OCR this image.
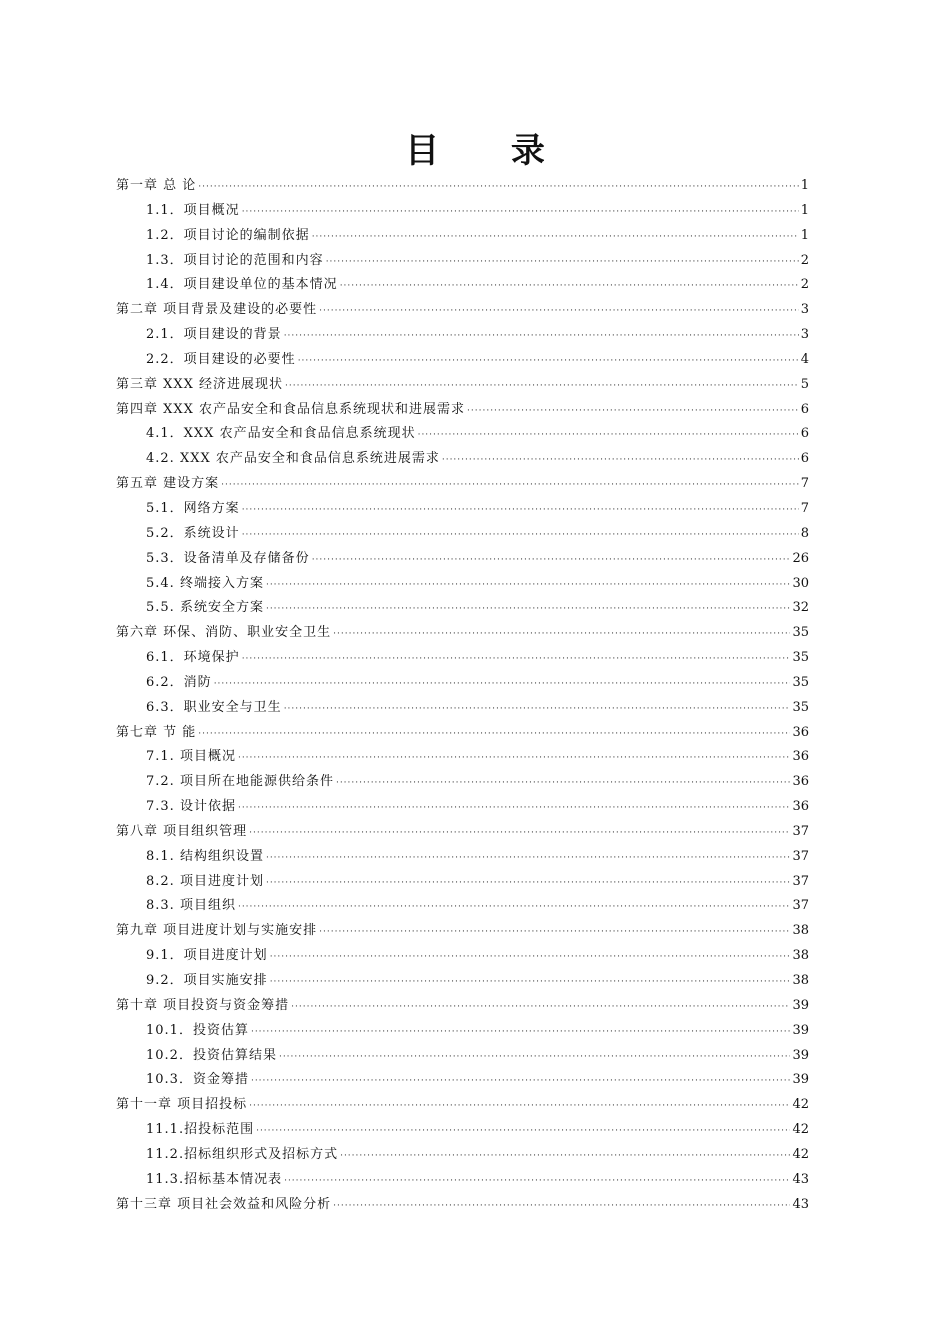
目 录
第一章 总 论 ·····	1
1.1．项目概况 ·····	1
1.2．项目讨论的编制依据 ·····	1
1.3．项目讨论的范围和内容 ·····	2
1.4．项目建设单位的基本情况 ·····	2
第二章 项目背景及建设的必要性 ·····	3
2.1．项目建设的背景 ·····	3
2.2．项目建设的必要性 ·····	4
第三章 XXX 经济进展现状 ·····	5
第四章 XXX 农产品安全和食品信息系统现状和进展需求 ·····	6
4.1．XXX 农产品安全和食品信息系统现状 ·····	6
4.2. XXX 农产品安全和食品信息系统进展需求 ·····	6
第五章 建设方案 ·····	7
5.1．网络方案 ·····	7
5.2．系统设计 ·····	8
5.3．设备清单及存储备份 ·····	26
5.4. 终端接入方案 ·····	30
5.5. 系统安全方案 ·····	32
第六章 环保、消防、职业安全卫生 ·····	35
6.1．环境保护 ·····	35
6.2．消防 ·····	35
6.3．职业安全与卫生 ·····	35
第七章 节 能 ·····	36
7.1. 项目概况 ·····	36
7.2. 项目所在地能源供给条件 ·····	36
7.3. 设计依据 ·····	36
第八章 项目组织管理 ·····	37
8.1. 结构组织设置 ·····	37
8.2. 项目进度计划 ·····	37
8.3. 项目组织 ·····	37
第九章 项目进度计划与实施安排 ·····	38
9.1．项目进度计划 ·····	38
9.2．项目实施安排 ·····	38
第十章 项目投资与资金筹措 ·····	39
10.1．投资估算 ·····	39
10.2．投资估算结果 ·····	39
10.3．资金筹措 ·····	39
第十一章 项目招投标 ·····	42
11.1.招投标范围 ·····	42
11.2.招标组织形式及招标方式 ·····	42
11.3.招标基本情况表 ·····	43
第十三章 项目社会效益和风险分析 ·····	43
